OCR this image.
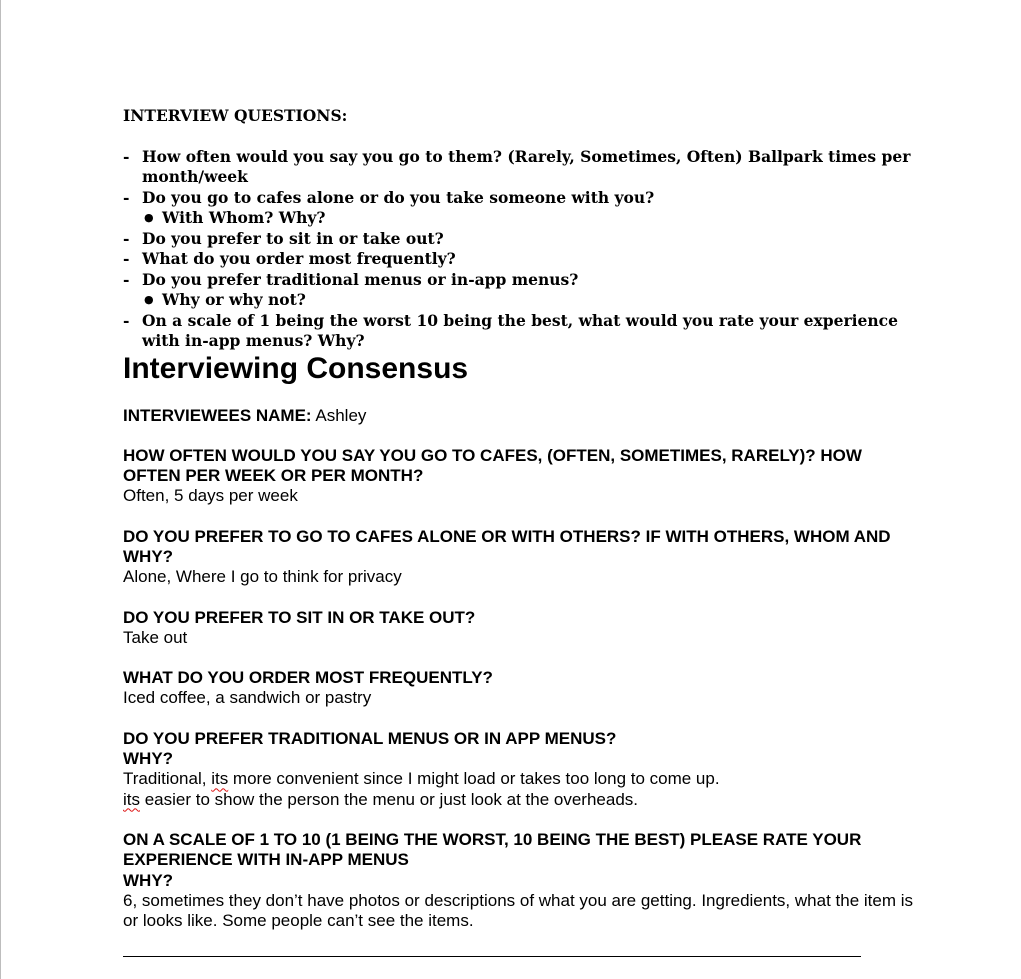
INTERVIEW QUESTIONS:
- How often would you say you go to them? (Rarely, Sometimes, Often) Ballpark times per month/week
- Do you go to cafes alone or do you take someone with you?
● With Whom? Why?
- Do you prefer to sit in or take out?
- What do you order most frequently?
- Do you prefer traditional menus or in-app menus?
● Why or why not?
- On a scale of 1 being the worst 10 being the best, what would you rate your experience with in-app menus? Why?
Interviewing Consensus
INTERVIEWEES NAME: Ashley
HOW OFTEN WOULD YOU SAY YOU GO TO CAFES, (OFTEN, SOMETIMES, RARELY)? HOW OFTEN PER WEEK OR PER MONTH?
Often, 5 days per week
DO YOU PREFER TO GO TO CAFES ALONE OR WITH OTHERS? IF WITH OTHERS, WHOM AND WHY?
Alone, Where I go to think for privacy
DO YOU PREFER TO SIT IN OR TAKE OUT?
Take out
WHAT DO YOU ORDER MOST FREQUENTLY?
Iced coffee, a sandwich or pastry
DO YOU PREFER TRADITIONAL MENUS OR IN APP MENUS?
WHY?
Traditional, its more convenient since I might load or takes too long to come up.
its easier to show the person the menu or just look at the overheads.
ON A SCALE OF 1 TO 10 (1 BEING THE WORST, 10 BEING THE BEST) PLEASE RATE YOUR EXPERIENCE WITH IN-APP MENUS
WHY?
6, sometimes they don’t have photos or descriptions of what you are getting. Ingredients, what the item is or looks like. Some people can’t see the items.
